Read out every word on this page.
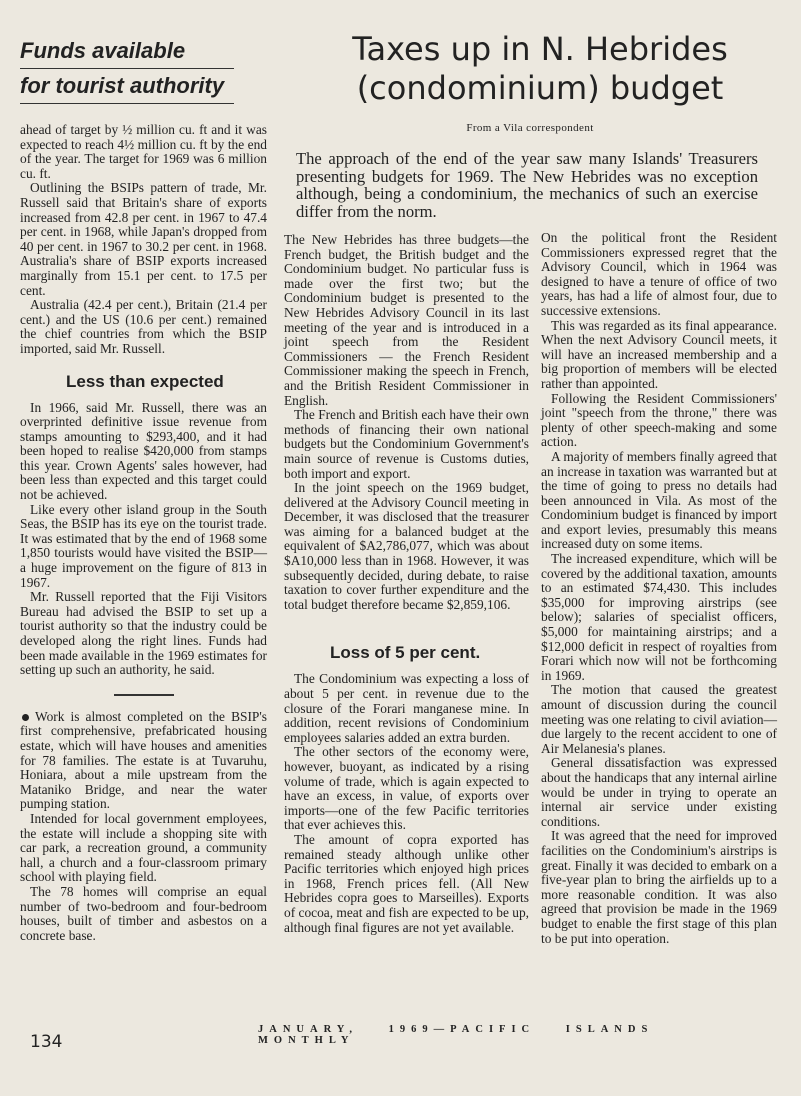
Funds available
for tourist authority
Taxes up in N. Hebrides
(condominium) budget
From a Vila correspondent
The approach of the end of the year saw many Islands' Treasurers presenting budgets for 1969. The New Hebrides was no exception although, being a condominium, the mechanics of such an exercise differ from the norm.

ahead of target by ½ million cu. ft and it was expected to reach 4½ million cu. ft by the end of the year. The target for 1969 was 6 million cu. ft.

Outlining the BSIPs pattern of trade, Mr. Russell said that Britain's share of exports increased from 42.8 per cent. in 1967 to 47.4 per cent. in 1968, while Japan's dropped from 40 per cent. in 1967 to 30.2 per cent. in 1968. Australia's share of BSIP exports increased marginally from 15.1 per cent. to 17.5 per cent.

Australia (42.4 per cent.), Britain (21.4 per cent.) and the US (10.6 per cent.) remained the chief countries from which the BSIP imported, said Mr. Russell.

Less than expected

In 1966, said Mr. Russell, there was an overprinted definitive issue revenue from stamps amounting to $293,400, and it had been hoped to realise $420,000 from stamps this year. Crown Agents' sales however, had been less than expected and this target could not be achieved.

Like every other island group in the South Seas, the BSIP has its eye on the tourist trade. It was estimated that by the end of 1968 some 1,850 tourists would have visited the BSIP—a huge improvement on the figure of 813 in 1967.

Mr. Russell reported that the Fiji Visitors Bureau had advised the BSIP to set up a tourist authority so that the industry could be developed along the right lines. Funds had been made available in the 1969 estimates for setting up such an authority, he said.

Work is almost completed on the BSIP's first comprehensive, prefabricated housing estate, which will have houses and amenities for 78 families. The estate is at Tuvaruhu, Honiara, about a mile upstream from the Mataniko Bridge, and near the water pumping station.

Intended for local government employees, the estate will include a shopping site with car park, a recreation ground, a community hall, a church and a four-classroom primary school with playing field.

The 78 homes will comprise an equal number of two-bedroom and four-bedroom houses, built of timber and asbestos on a concrete base.

The New Hebrides has three budgets—the French budget, the British budget and the Condominium budget. No particular fuss is made over the first two; but the Condominium budget is presented to the New Hebrides Advisory Council in its last meeting of the year and is introduced in a joint speech from the Resident Commissioners — the French Resident Commissioner making the speech in French, and the British Resident Commissioner in English.

The French and British each have their own methods of financing their own national budgets but the Condominium Government's main source of revenue is Customs duties, both import and export.

In the joint speech on the 1969 budget, delivered at the Advisory Council meeting in December, it was disclosed that the treasurer was aiming for a balanced budget at the equivalent of $A2,786,077, which was about $A10,000 less than in 1968. However, it was subsequently decided, during debate, to raise taxation to cover further expenditure and the total budget therefore became $2,859,106.

Loss of 5 per cent.

The Condominium was expecting a loss of about 5 per cent. in revenue due to the closure of the Forari manganese mine. In addition, recent revisions of Condominium employees salaries added an extra burden.

The other sectors of the economy were, however, buoyant, as indicated by a rising volume of trade, which is again expected to have an excess, in value, of exports over imports—one of the few Pacific territories that ever achieves this.

The amount of copra exported has remained steady although unlike other Pacific territories which enjoyed high prices in 1968, French prices fell. (All New Hebrides copra goes to Marseilles). Exports of cocoa, meat and fish are expected to be up, although final figures are not yet available.

On the political front the Resident Commissioners expressed regret that the Advisory Council, which in 1964 was designed to have a tenure of office of two years, has had a life of almost four, due to successive extensions.

This was regarded as its final appearance. When the next Advisory Council meets, it will have an increased membership and a big proportion of members will be elected rather than appointed.

Following the Resident Commissioners' joint "speech from the throne," there was plenty of other speech-making and some action.

A majority of members finally agreed that an increase in taxation was warranted but at the time of going to press no details had been announced in Vila. As most of the Condominium budget is financed by import and export levies, presumably this means increased duty on some items.

The increased expenditure, which will be covered by the additional taxation, amounts to an estimated $74,430. This includes $35,000 for improving airstrips (see below); salaries of specialist officers, $5,000 for maintaining airstrips; and a $12,000 deficit in respect of royalties from Forari which now will not be forthcoming in 1969.

The motion that caused the greatest amount of discussion during the council meeting was one relating to civil aviation—due largely to the recent accident to one of Air Melanesia's planes.

General dissatisfaction was expressed about the handicaps that any internal airline would be under in trying to operate an internal air service under existing conditions.

It was agreed that the need for improved facilities on the Condominium's airstrips is great. Finally it was decided to embark on a five-year plan to bring the airfields up to a more reasonable condition. It was also agreed that provision be made in the 1969 budget to enable the first stage of this plan to be put into operation.

134
JANUARY,	1969—PACIFIC	ISLANDS MONTHLY
